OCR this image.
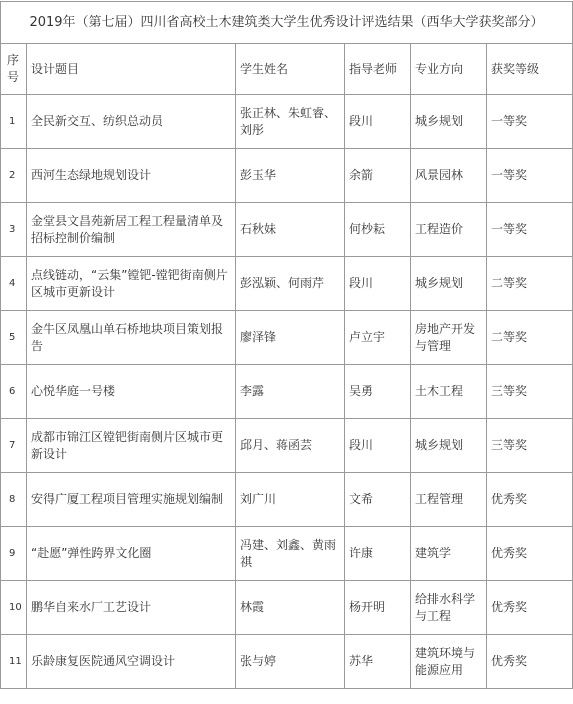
2019年（第七届）四川省高校土木建筑类大学生优秀设计评选结果（西华大学获奖部分）					
序号	设计题目	学生姓名	指导老师	专业方向	获奖等级
1	全民新交互、纺织总动员	张正林、朱虹睿、刘彤	段川	城乡规划	一等奖
2	西河生态绿地规划设计	彭玉华	余箭	风景园林	一等奖
3	金堂县文昌苑新居工程工程量清单及招标控制价编制	石秋妹	何杪耘	工程造价	一等奖
4	点线链动，“云集”镗钯-镗钯街南侧片区城市更新设计	彭泓颖、何雨芹	段川	城乡规划	二等奖
5	金牛区凤凰山单石桥地块项目策划报告	廖泽锋	卢立宇	房地产开发与管理	二等奖
6	心悦华庭一号楼	李露	吴勇	土木工程	三等奖
7	成都市锦江区镗钯街南侧片区城市更新设计	邱月、蒋函芸	段川	城乡规划	三等奖
8	安得广厦工程项目管理实施规划编制	刘广川	文希	工程管理	优秀奖
9	“赴愿”弹性跨界文化圈	冯建、刘鑫、黄雨祺	许康	建筑学	优秀奖
10	鹏华自来水厂工艺设计	林霞	杨开明	给排水科学与工程	优秀奖
11	乐龄康复医院通风空调设计	张与婷	苏华	建筑环境与能源应用	优秀奖
